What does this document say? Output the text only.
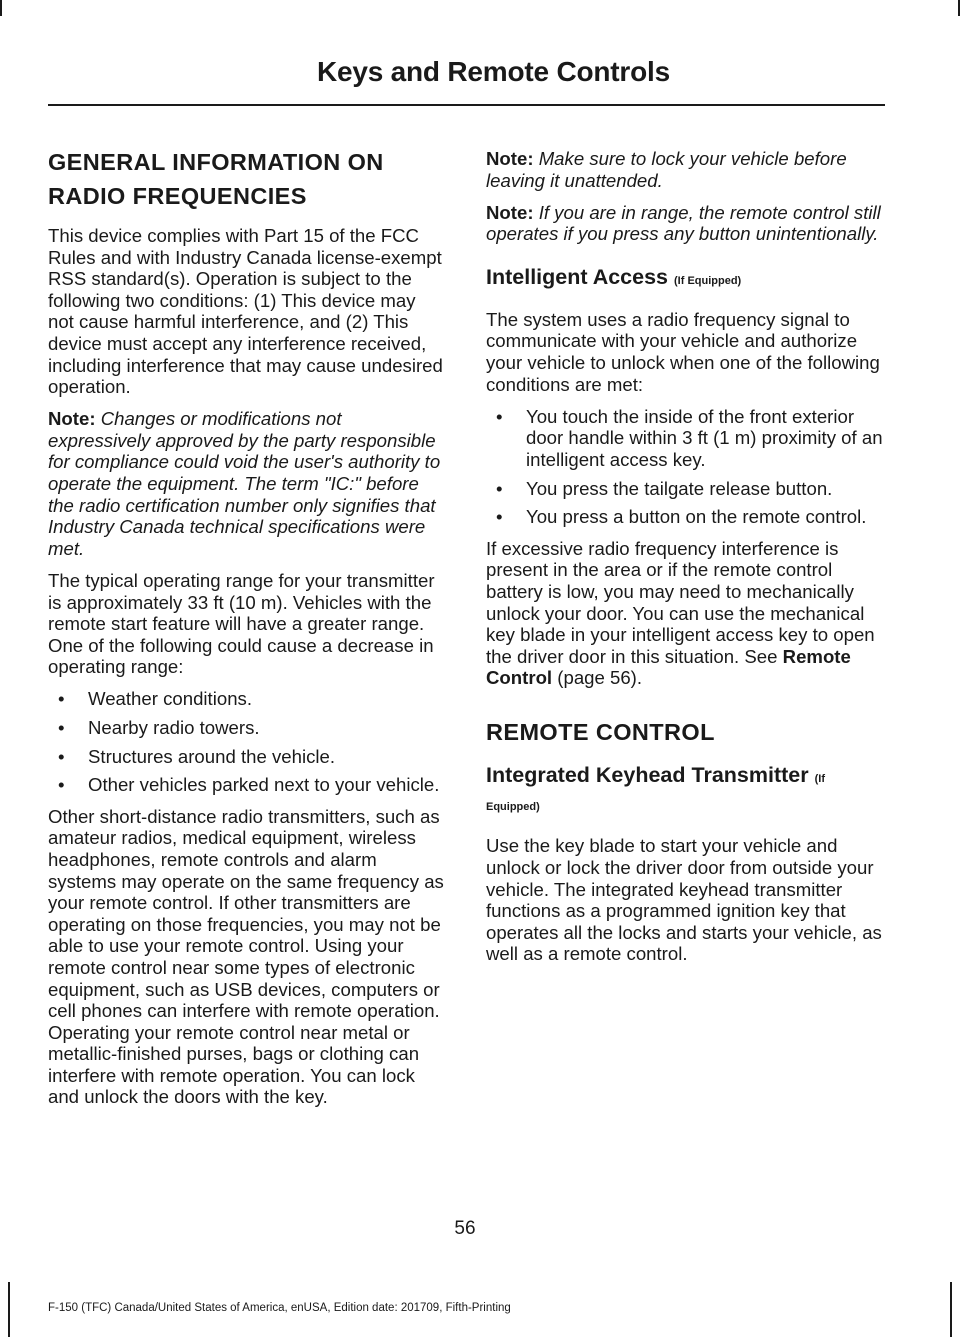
Keys and Remote Controls
GENERAL INFORMATION ON RADIO FREQUENCIES

This device complies with Part 15 of the FCC Rules and with Industry Canada license-exempt RSS standard(s). Operation is subject to the following two conditions: (1) This device may not cause harmful interference, and (2) This device must accept any interference received, including interference that may cause undesired operation.

Note: Changes or modifications not expressively approved by the party responsible for compliance could void the user's authority to operate the equipment. The term "IC:" before the radio certification number only signifies that Industry Canada technical specifications were met.

The typical operating range for your transmitter is approximately 33 ft (10 m). Vehicles with the remote start feature will have a greater range. One of the following could cause a decrease in operating range:

• Weather conditions.
• Nearby radio towers.
• Structures around the vehicle.
• Other vehicles parked next to your vehicle.

Other short-distance radio transmitters, such as amateur radios, medical equipment, wireless headphones, remote controls and alarm systems may operate on the same frequency as your remote control. If other transmitters are operating on those frequencies, you may not be able to use your remote control. Using your remote control near some types of electronic equipment, such as USB devices, computers or cell phones can interfere with remote operation. Operating your remote control near metal or metallic-finished purses, bags or clothing can interfere with remote operation. You can lock and unlock the doors with the key.

Note: Make sure to lock your vehicle before leaving it unattended.

Note: If you are in range, the remote control still operates if you press any button unintentionally.

Intelligent Access (If Equipped)

The system uses a radio frequency signal to communicate with your vehicle and authorize your vehicle to unlock when one of the following conditions are met:

• You touch the inside of the front exterior door handle within 3 ft (1 m) proximity of an intelligent access key.
• You press the tailgate release button.
• You press a button on the remote control.

If excessive radio frequency interference is present in the area or if the remote control battery is low, you may need to mechanically unlock your door. You can use the mechanical key blade in your intelligent access key to open the driver door in this situation. See Remote Control (page 56).

REMOTE CONTROL
Integrated Keyhead Transmitter (If
Equipped)

Use the key blade to start your vehicle and unlock or lock the driver door from outside your vehicle. The integrated keyhead transmitter functions as a programmed ignition key that operates all the locks and starts your vehicle, as well as a remote control.

56
F-150 (TFC) Canada/United States of America, enUSA, Edition date: 201709, Fifth-Printing
